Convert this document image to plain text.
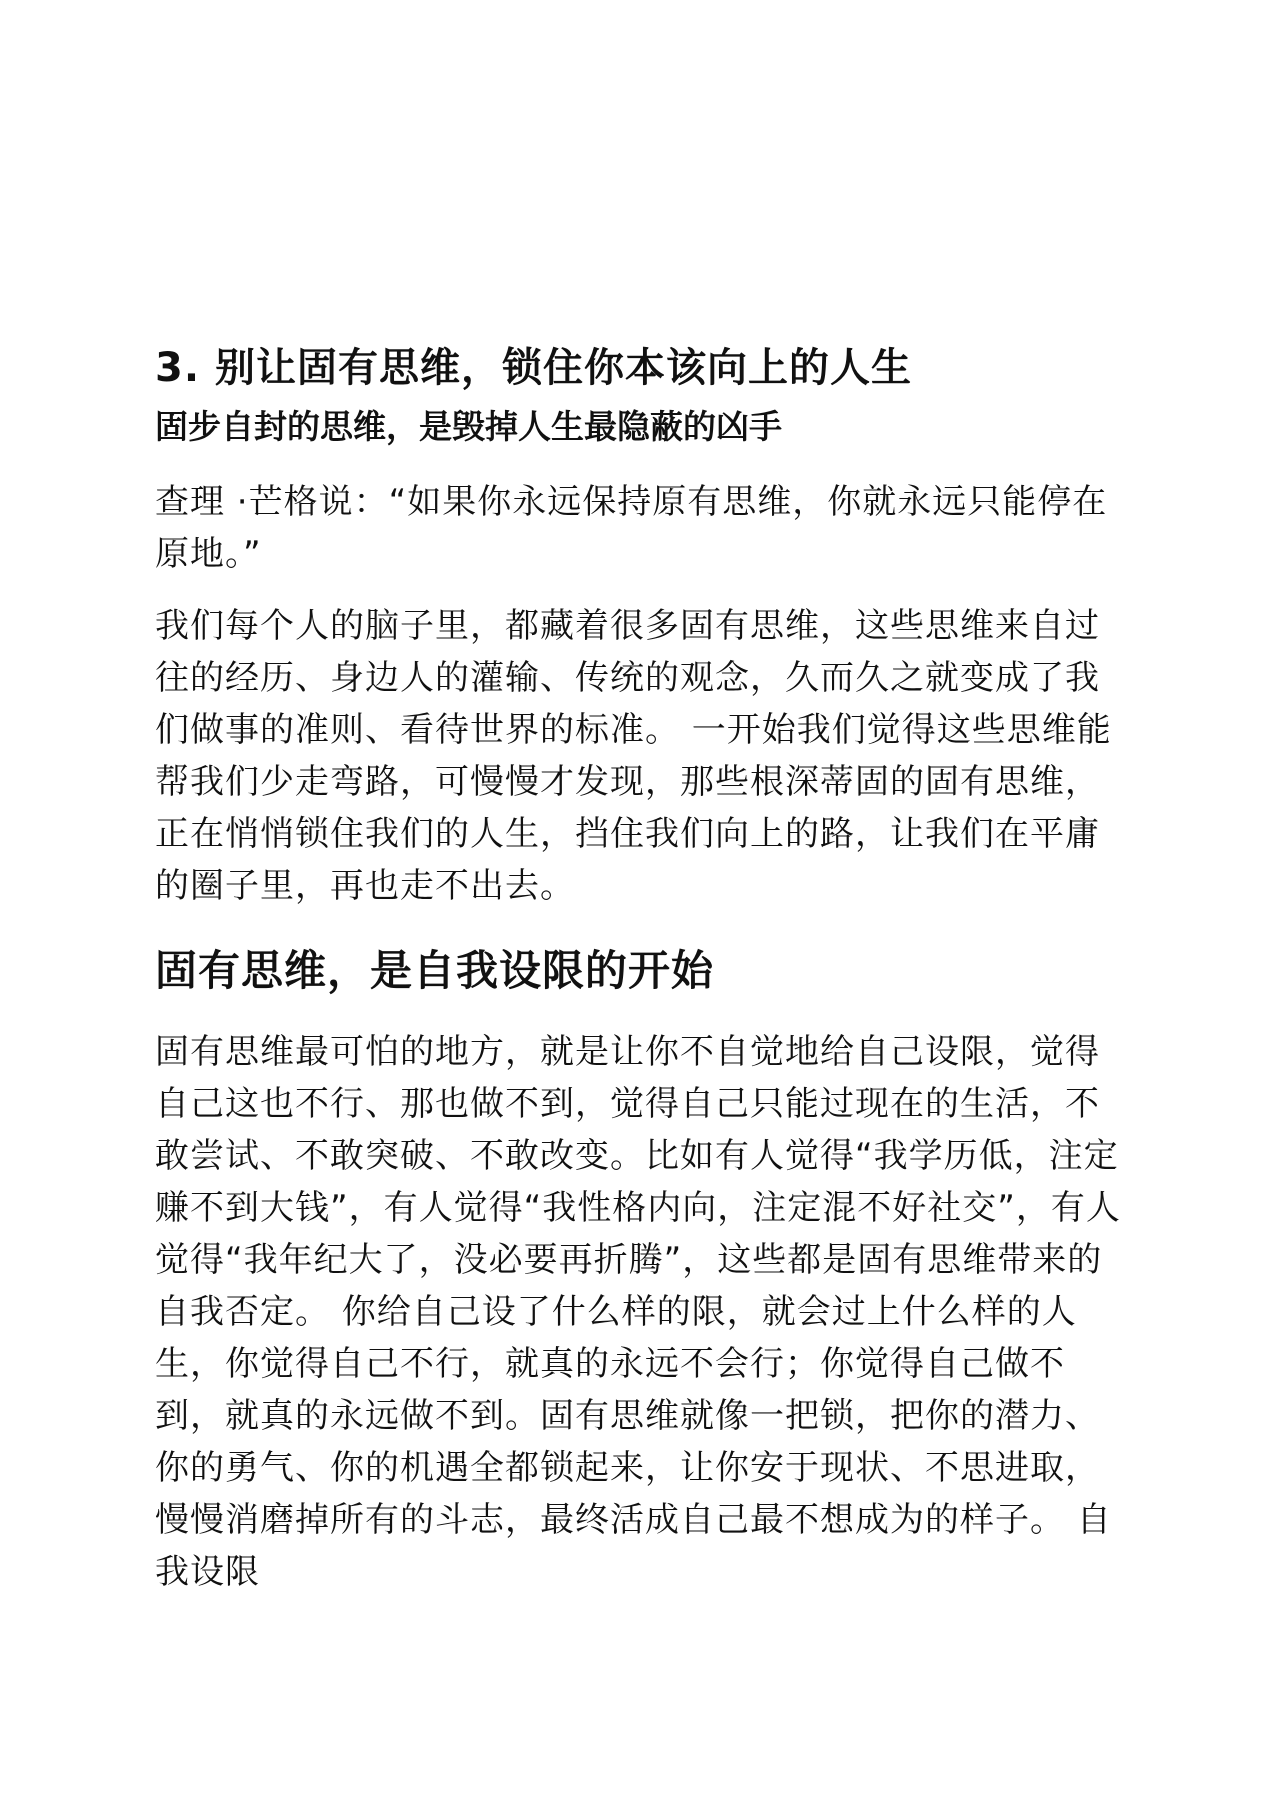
3. 别让固有思维，锁住你本该向上的人生
固步自封的思维，是毁掉人生最隐蔽的凶手

查理 ·芒格说：“如果你永远保持原有思维，你就永远只能停在原地。”

我们每个人的脑子里，都藏着很多固有思维，这些思维来自过往的经历、身边人的灌输、传统的观念，久而久之就变成了我们做事的准则、看待世界的标准。 一开始我们觉得这些思维能帮我们少走弯路，可慢慢才发现，那些根深蒂固的固有思维，正在悄悄锁住我们的人生，挡住我们向上的路，让我们在平庸的圈子里，再也走不出去。

固有思维，是自我设限的开始

固有思维最可怕的地方，就是让你不自觉地给自己设限，觉得自己这也不行、那也做不到，觉得自己只能过现在的生活，不敢尝试、不敢突破、不敢改变。比如有人觉得“我学历低，注定赚不到大钱”，有人觉得“我性格内向，注定混不好社交”，有人觉得“我年纪大了，没必要再折腾”，这些都是固有思维带来的自我否定。 你给自己设了什么样的限，就会过上什么样的人生，你觉得自己不行，就真的永远不会行；你觉得自己做不到，就真的永远做不到。固有思维就像一把锁，把你的潜力、你的勇气、你的机遇全都锁起来，让你安于现状、不思进取，慢慢消磨掉所有的斗志，最终活成自己最不想成为的样子。 自我设限
